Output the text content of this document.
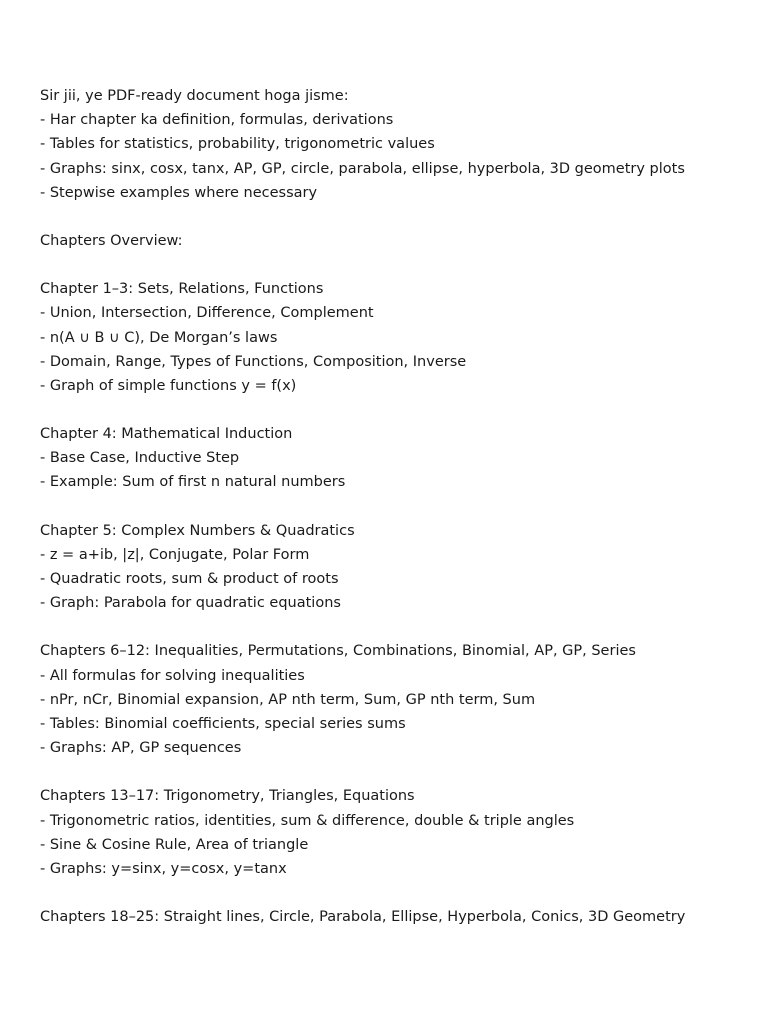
Sir jii, ye PDF-ready document hoga jisme:
- Har chapter ka definition, formulas, derivations
- Tables for statistics, probability, trigonometric values
- Graphs: sinx, cosx, tanx, AP, GP, circle, parabola, ellipse, hyperbola, 3D geometry plots
- Stepwise examples where necessary
Chapters Overview:
Chapter 1–3: Sets, Relations, Functions
- Union, Intersection, Difference, Complement
- n(A ∪ B ∪ C), De Morgan’s laws
- Domain, Range, Types of Functions, Composition, Inverse
- Graph of simple functions y = f(x)
Chapter 4: Mathematical Induction
- Base Case, Inductive Step
- Example: Sum of first n natural numbers
Chapter 5: Complex Numbers & Quadratics
- z = a+ib, |z|, Conjugate, Polar Form
- Quadratic roots, sum & product of roots
- Graph: Parabola for quadratic equations
Chapters 6–12: Inequalities, Permutations, Combinations, Binomial, AP, GP, Series
- All formulas for solving inequalities
- nPr, nCr, Binomial expansion, AP nth term, Sum, GP nth term, Sum
- Tables: Binomial coefficients, special series sums
- Graphs: AP, GP sequences
Chapters 13–17: Trigonometry, Triangles, Equations
- Trigonometric ratios, identities, sum & difference, double & triple angles
- Sine & Cosine Rule, Area of triangle
- Graphs: y=sinx, y=cosx, y=tanx
Chapters 18–25: Straight lines, Circle, Parabola, Ellipse, Hyperbola, Conics, 3D Geometry
